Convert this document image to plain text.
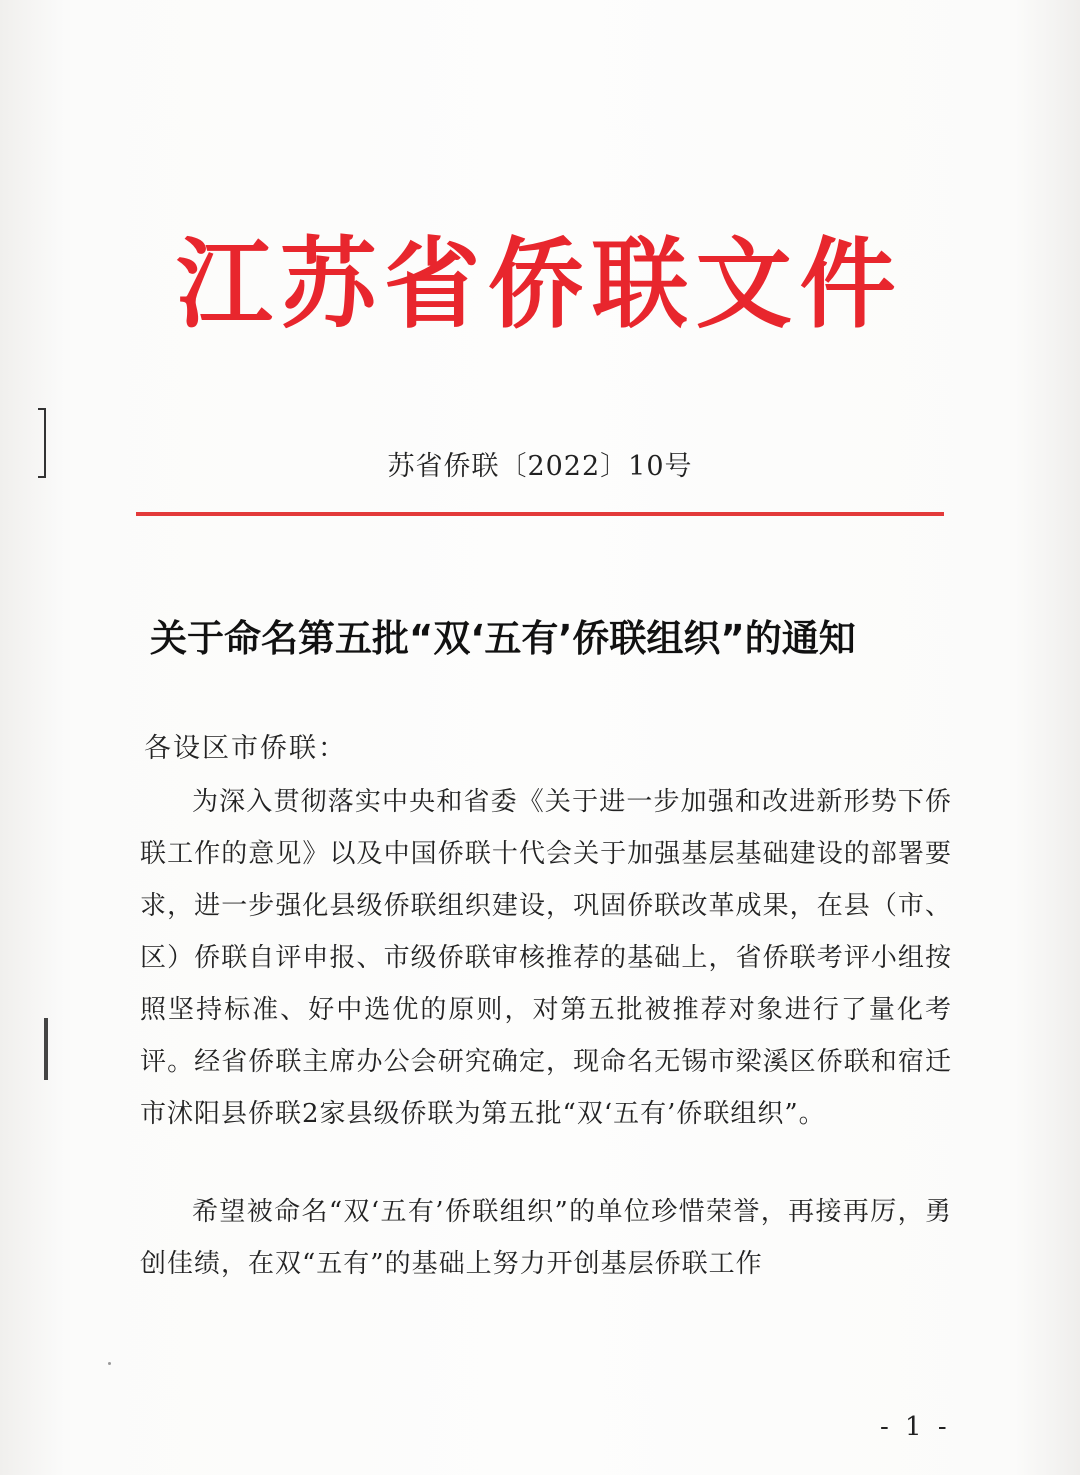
江苏省侨联文件
苏省侨联〔2022〕10号
关于命名第五批“双‘五有’侨联组织”的通知
各设区市侨联：
为深入贯彻落实中央和省委《关于进一步加强和改进新形势下侨联工作的意见》以及中国侨联十代会关于加强基层基础建设的部署要求，进一步强化县级侨联组织建设，巩固侨联改革成果，在县（市、区）侨联自评申报、市级侨联审核推荐的基础上，省侨联考评小组按照坚持标准、好中选优的原则，对第五批被推荐对象进行了量化考评。经省侨联主席办公会研究确定，现命名无锡市梁溪区侨联和宿迁市沭阳县侨联2家县级侨联为第五批“双‘五有’侨联组织”。
希望被命名“双‘五有’侨联组织”的单位珍惜荣誉，再接再厉，勇创佳绩，在双“五有”的基础上努力开创基层侨联工作
- 1 -
